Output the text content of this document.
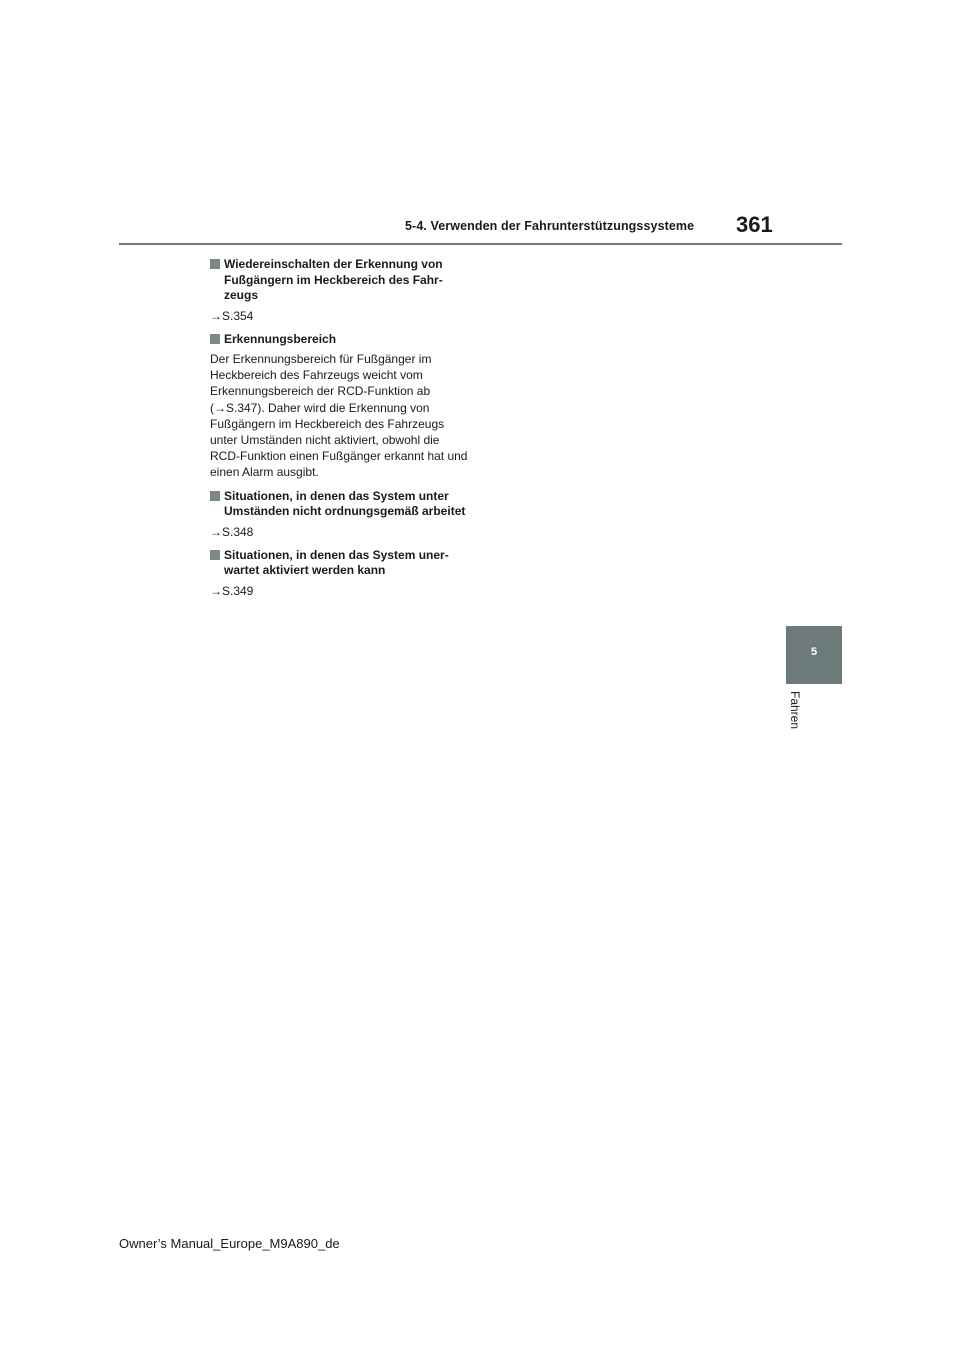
5-4. Verwenden der Fahrunterstützungssysteme 361
Wiedereinschalten der Erkennung von Fußgängern im Heckbereich des Fahr-zeugs
→S.354
Erkennungsbereich
Der Erkennungsbereich für Fußgänger im Heckbereich des Fahrzeugs weicht vom Erkennungsbereich der RCD-Funktion ab (→S.347). Daher wird die Erkennung von Fußgängern im Heckbereich des Fahrzeugs unter Umständen nicht aktiviert, obwohl die RCD-Funktion einen Fußgänger erkannt hat und einen Alarm ausgibt.
Situationen, in denen das System unter Umständen nicht ordnungsgemäß arbeitet
→S.348
Situationen, in denen das System uner-wartet aktiviert werden kann
→S.349
5
Fahren
Owner’s Manual_Europe_M9A890_de
